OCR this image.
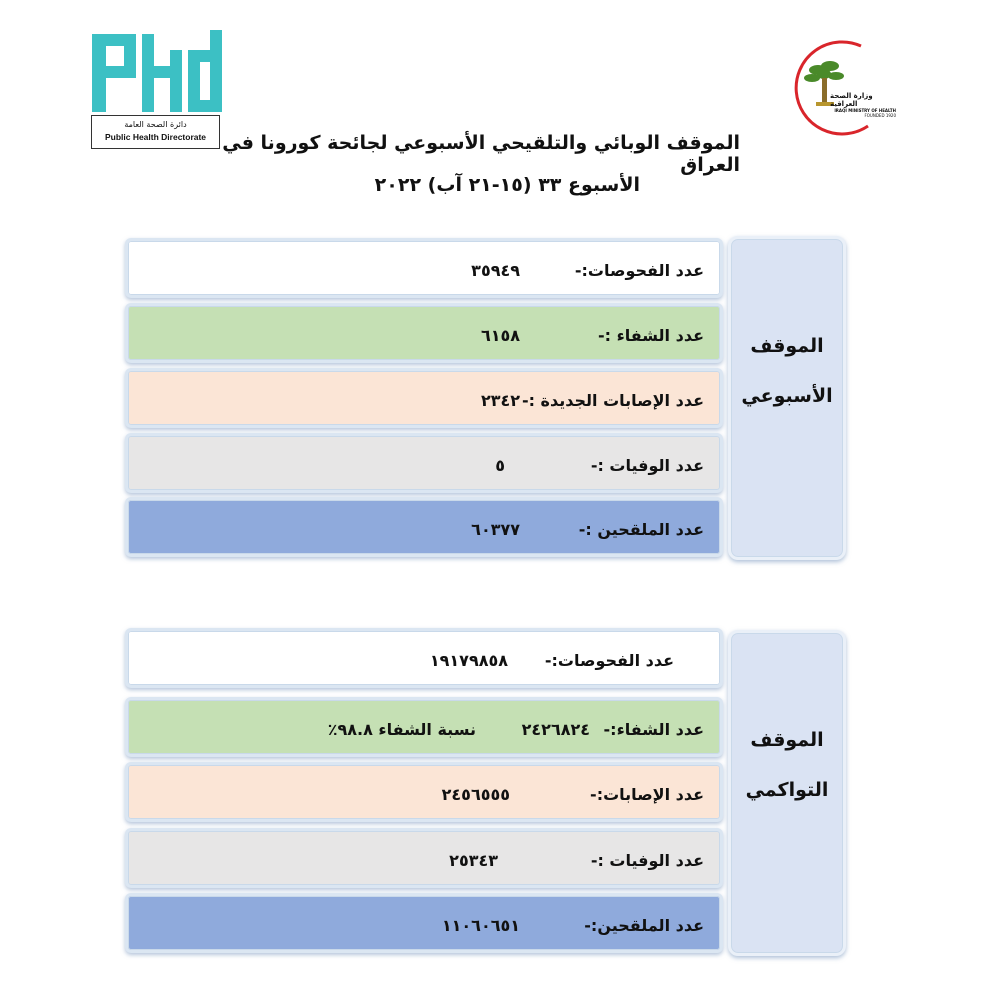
دائرة الصحة العامة
Public Health Directorate
وزارة الصحة العراقية
IRAQI MINISTRY OF HEALTH
FOUNDED 1920
الموقف الوبائي والتلقيحي الأسبوعي لجائحة كورونا في العراق
الأسبوع ٣٣ (١٥-٢١ آب) ٢٠٢٢
عدد الفحوصات:-
٣٥٩٤٩
عدد الشفاء :-
٦١٥٨
عدد الإصابات الجديدة :-
٢٣٤٢
عدد الوفيات :-
٥
عدد الملقحين :-
٦٠٣٧٧
الموقف
الأسبوعي
عدد الفحوصات:-
١٩١٧٩٨٥٨
عدد الشفاء:-
٢٤٢٦٨٢٤
نسبة الشفاء ٩٨.٨٪
عدد الإصابات:-
٢٤٥٦٥٥٥
عدد الوفيات :-
٢٥٣٤٣
عدد الملقحين:-
١١٠٦٠٦٥١
الموقف
التواكمي
